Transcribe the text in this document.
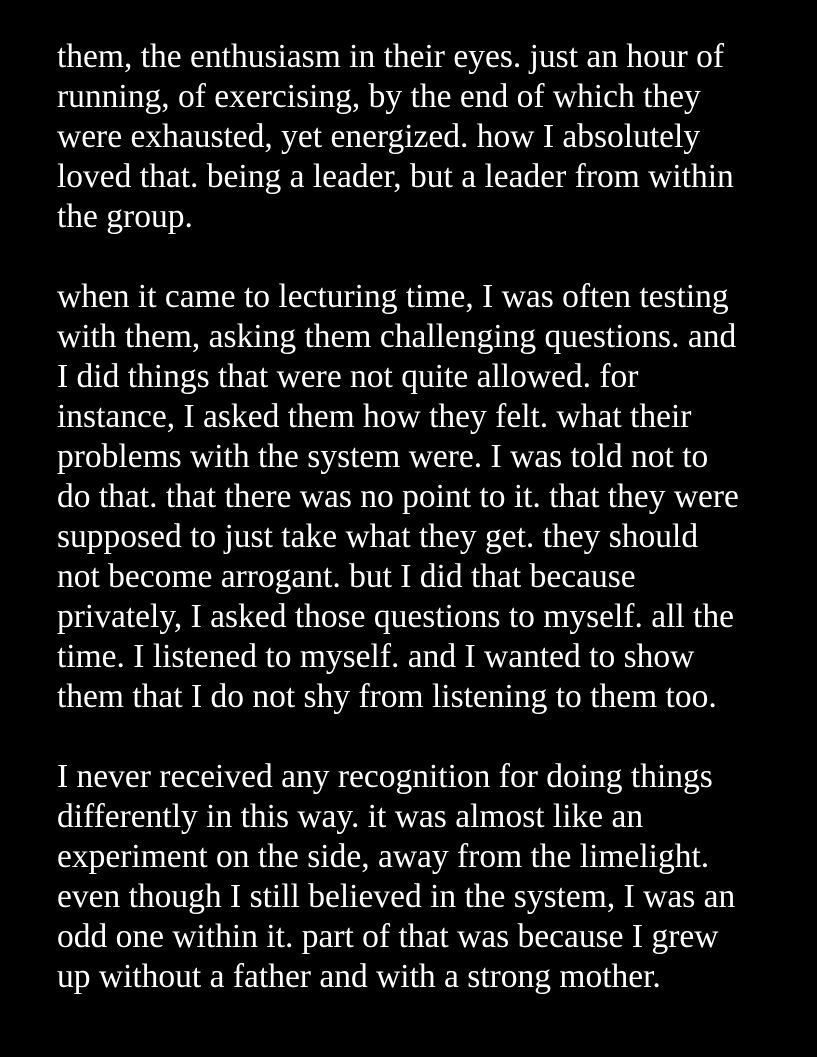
them, the enthusiasm in their eyes. just an hour of
running, of exercising, by the end of which they
were exhausted, yet energized. how I absolutely
loved that. being a leader, but a leader from within
the group.

when it came to lecturing time, I was often testing
with them, asking them challenging questions. and
I did things that were not quite allowed. for
instance, I asked them how they felt. what their
problems with the system were. I was told not to
do that. that there was no point to it. that they were
supposed to just take what they get. they should
not become arrogant. but I did that because
privately, I asked those questions to myself. all the
time. I listened to myself. and I wanted to show
them that I do not shy from listening to them too.

I never received any recognition for doing things
differently in this way. it was almost like an
experiment on the side, away from the limelight.
even though I still believed in the system, I was an
odd one within it. part of that was because I grew
up without a father and with a strong mother.
